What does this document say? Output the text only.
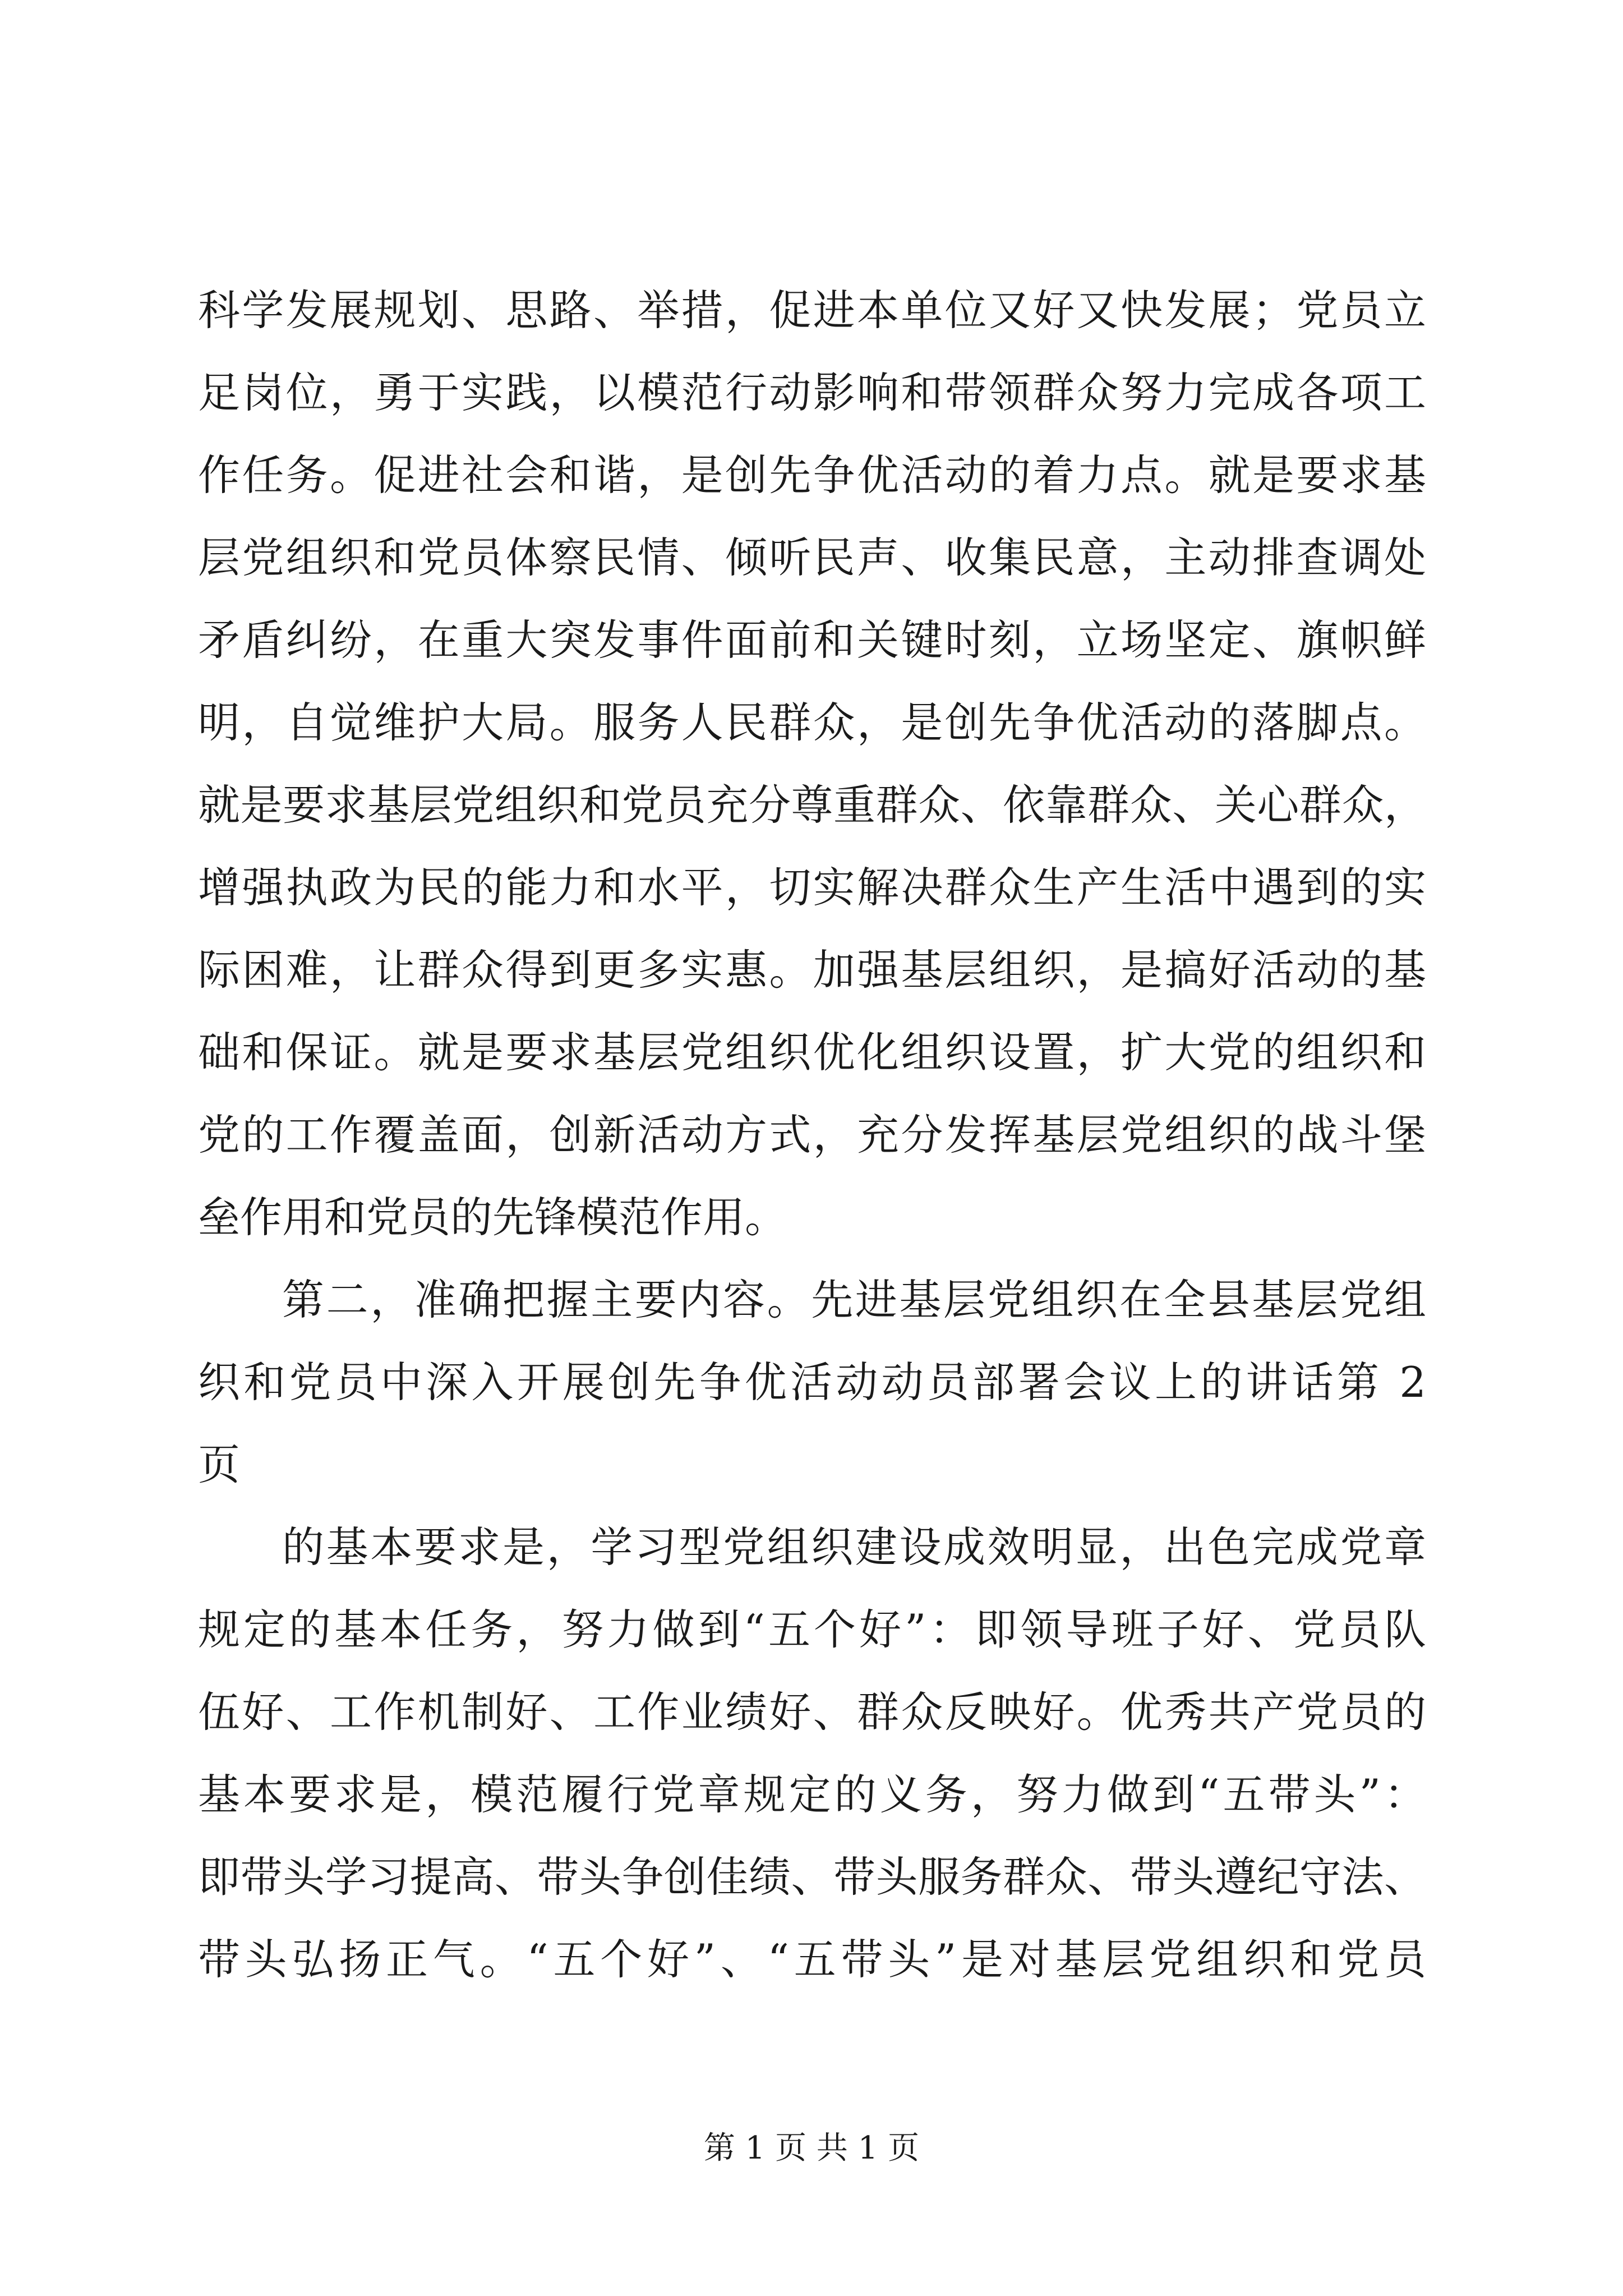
科学发展规划、思路、举措，促进本单位又好又快发展；党员立
足岗位，勇于实践，以模范行动影响和带领群众努力完成各项工
作任务。促进社会和谐，是创先争优活动的着力点。就是要求基
层党组织和党员体察民情、倾听民声、收集民意，主动排查调处
矛盾纠纷，在重大突发事件面前和关键时刻，立场坚定、旗帜鲜
明，自觉维护大局。服务人民群众，是创先争优活动的落脚点。
就是要求基层党组织和党员充分尊重群众、依靠群众、关心群众，
增强执政为民的能力和水平，切实解决群众生产生活中遇到的实
际困难，让群众得到更多实惠。加强基层组织，是搞好活动的基
础和保证。就是要求基层党组织优化组织设置，扩大党的组织和
党的工作覆盖面，创新活动方式，充分发挥基层党组织的战斗堡
垒作用和党员的先锋模范作用。
第二，准确把握主要内容。先进基层党组织在全县基层党组
织和党员中深入开展创先争优活动动员部署会议上的讲话第 2
页
的基本要求是，学习型党组织建设成效明显，出色完成党章
规定的基本任务，努力做到“五个好”：即领导班子好、党员队
伍好、工作机制好、工作业绩好、群众反映好。优秀共产党员的
基本要求是，模范履行党章规定的义务，努力做到“五带头”：
即带头学习提高、带头争创佳绩、带头服务群众、带头遵纪守法、
带头弘扬正气。“五个好”、“五带头”是对基层党组织和党员
第 1 页 共 1 页
